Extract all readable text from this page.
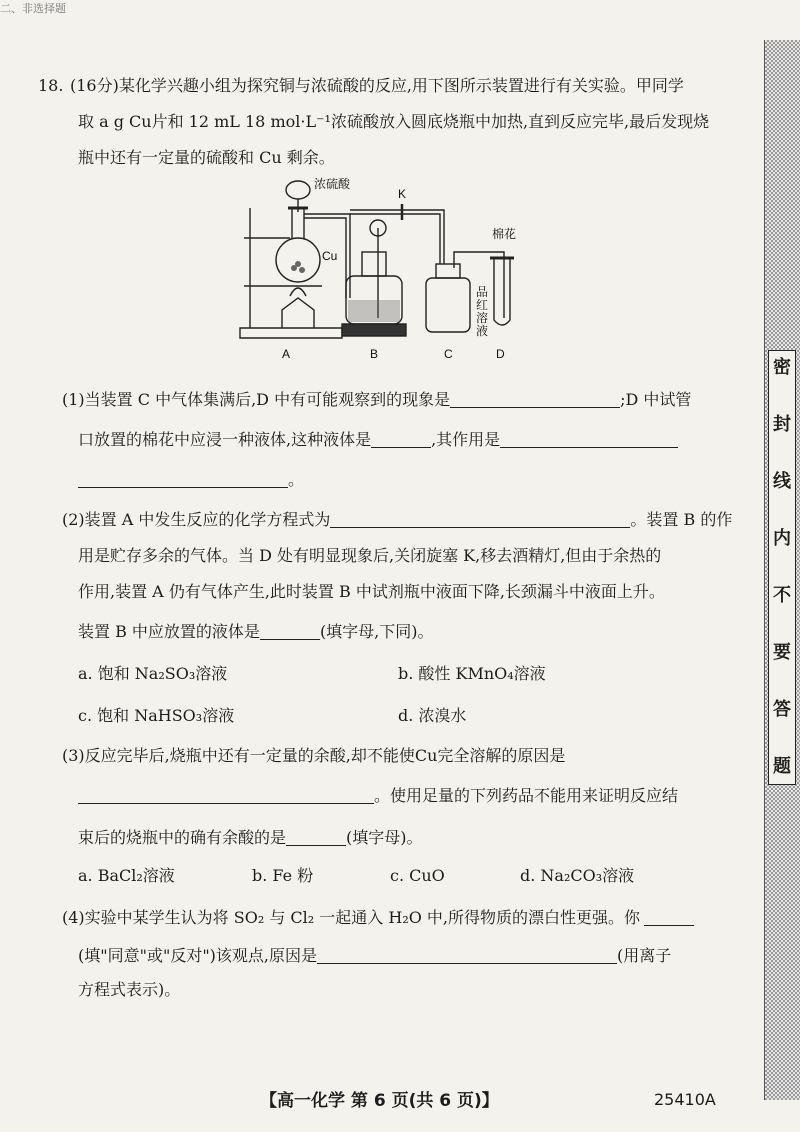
二、非选择题
密
封
线
内
不
要
答
题
18. (16分)某化学兴趣小组为探究铜与浓硫酸的反应,用下图所示装置进行有关实验。甲同学
取 a g Cu片和 12 mL 18 mol·L⁻¹浓硫酸放入圆底烧瓶中加热,直到反应完毕,最后发现烧
瓶中还有一定量的硫酸和 Cu 剩余。
浓硫酸
K
Cu
棉花
品
红
溶
液
A	B	C	D
(1)当装置 C 中气体集满后,D 中有可能观察到的现象是	;D 中试管
口放置的棉花中应浸一种液体,这种液体是	,其作用是
。
(2)装置 A 中发生反应的化学方程式为	。装置 B 的作
用是贮存多余的气体。当 D 处有明显现象后,关闭旋塞 K,移去酒精灯,但由于余热的
作用,装置 A 仍有气体产生,此时装置 B 中试剂瓶中液面下降,长颈漏斗中液面上升。
装置 B 中应放置的液体是	(填字母,下同)。
a. 饱和 Na₂SO₃溶液	b. 酸性 KMnO₄溶液
c. 饱和 NaHSO₃溶液	d. 浓溴水
(3)反应完毕后,烧瓶中还有一定量的余酸,却不能使Cu完全溶解的原因是
。使用足量的下列药品不能用来证明反应结
束后的烧瓶中的确有余酸的是	(填字母)。
a. BaCl₂溶液	b. Fe 粉	c. CuO	d. Na₂CO₃溶液
(4)实验中某学生认为将 SO₂ 与 Cl₂ 一起通入 H₂O 中,所得物质的漂白性更强。你
(填"同意"或"反对")该观点,原因是	(用离子
方程式表示)。
【高一化学 第 6 页(共 6 页)】	25410A
